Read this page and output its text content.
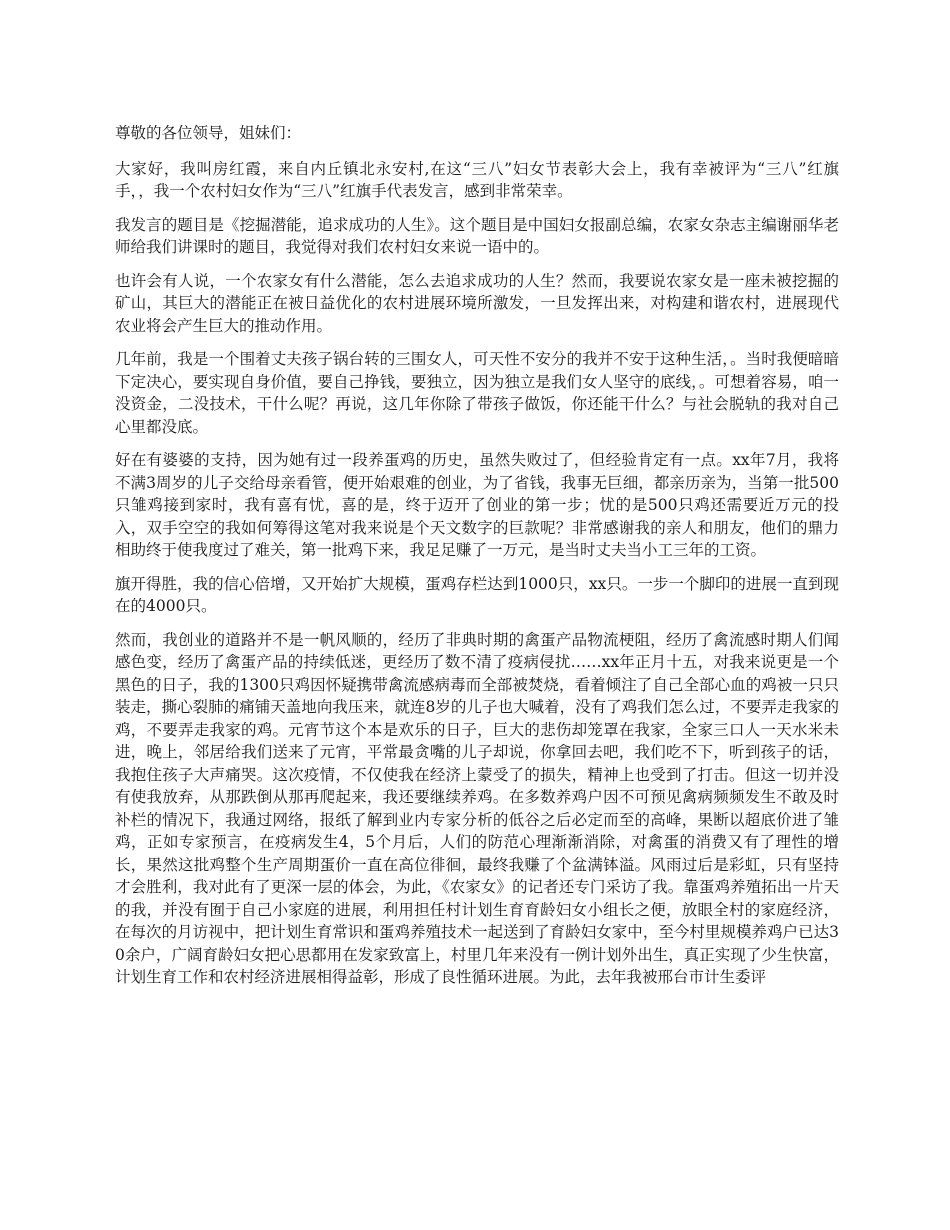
尊敬的各位领导，姐妹们：

大家好，我叫房红霞，来自内丘镇北永安村,在这“三八”妇女节表彰大会上，我有幸被评为“三八”红旗手，，我一个农村妇女作为“三八”红旗手代表发言，感到非常荣幸。

我发言的题目是《挖掘潜能，追求成功的人生》。这个题目是中国妇女报副总编，农家女杂志主编谢丽华老师给我们讲课时的题目，我觉得对我们农村妇女来说一语中的。

也许会有人说，一个农家女有什么潜能，怎么去追求成功的人生？然而，我要说农家女是一座未被挖掘的矿山，其巨大的潜能正在被日益优化的农村进展环境所激发，一旦发挥出来，对构建和谐农村，进展现代农业将会产生巨大的推动作用。

几年前，我是一个围着丈夫孩子锅台转的三围女人，可天性不安分的我并不安于这种生活，。当时我便暗暗下定决心，要实现自身价值，要自己挣钱，要独立，因为独立是我们女人坚守的底线，。可想着容易，咱一没资金，二没技术，干什么呢？再说，这几年你除了带孩子做饭，你还能干什么？与社会脱轨的我对自己心里都没底。

好在有婆婆的支持，因为她有过一段养蛋鸡的历史，虽然失败过了，但经验肯定有一点。xx年7月，我将不满3周岁的儿子交给母亲看管，便开始艰难的创业，为了省钱，我事无巨细，都亲历亲为，当第一批500只雏鸡接到家时，我有喜有忧，喜的是，终于迈开了创业的第一步；忧的是500只鸡还需要近万元的投入，双手空空的我如何筹得这笔对我来说是个天文数字的巨款呢？非常感谢我的亲人和朋友，他们的鼎力相助终于使我度过了难关，第一批鸡下来，我足足赚了一万元，是当时丈夫当小工三年的工资。

旗开得胜，我的信心倍增，又开始扩大规模，蛋鸡存栏达到1000只，xx只。一步一个脚印的进展一直到现在的4000只。

然而，我创业的道路并不是一帆风顺的，经历了非典时期的禽蛋产品物流梗阻，经历了禽流感时期人们闻感色变，经历了禽蛋产品的持续低迷，更经历了数不清了疫病侵扰……xx年正月十五，对我来说更是一个黑色的日子，我的1300只鸡因怀疑携带禽流感病毒而全部被焚烧，看着倾注了自己全部心血的鸡被一只只装走，撕心裂肺的痛铺天盖地向我压来，就连8岁的儿子也大喊着，没有了鸡我们怎么过，不要弄走我家的鸡，不要弄走我家的鸡。元宵节这个本是欢乐的日子，巨大的悲伤却笼罩在我家，全家三口人一天水米未进，晚上，邻居给我们送来了元宵，平常最贪嘴的儿子却说，你拿回去吧，我们吃不下，听到孩子的话，我抱住孩子大声痛哭。这次疫情，不仅使我在经济上蒙受了的损失，精神上也受到了打击。但这一切并没有使我放弃，从那跌倒从那再爬起来，我还要继续养鸡。在多数养鸡户因不可预见禽病频频发生不敢及时补栏的情况下，我通过网络，报纸了解到业内专家分析的低谷之后必定而至的高峰，果断以超底价进了雏鸡，正如专家预言，在疫病发生4，5个月后，人们的防范心理渐渐消除，对禽蛋的消费又有了理性的增长，果然这批鸡整个生产周期蛋价一直在高位徘徊，最终我赚了个盆满钵溢。风雨过后是彩虹，只有坚持才会胜利，我对此有了更深一层的体会，为此，《农家女》的记者还专门采访了我。靠蛋鸡养殖拓出一片天的我，并没有囿于自己小家庭的进展，利用担任村计划生育育龄妇女小组长之便，放眼全村的家庭经济，在每次的月访视中，把计划生育常识和蛋鸡养殖技术一起送到了育龄妇女家中，至今村里规模养鸡户已达30余户，广阔育龄妇女把心思都用在发家致富上，村里几年来没有一例计划外出生，真正实现了少生快富，计划生育工作和农村经济进展相得益彰，形成了良性循环进展。为此，去年我被邢台市计生委评
